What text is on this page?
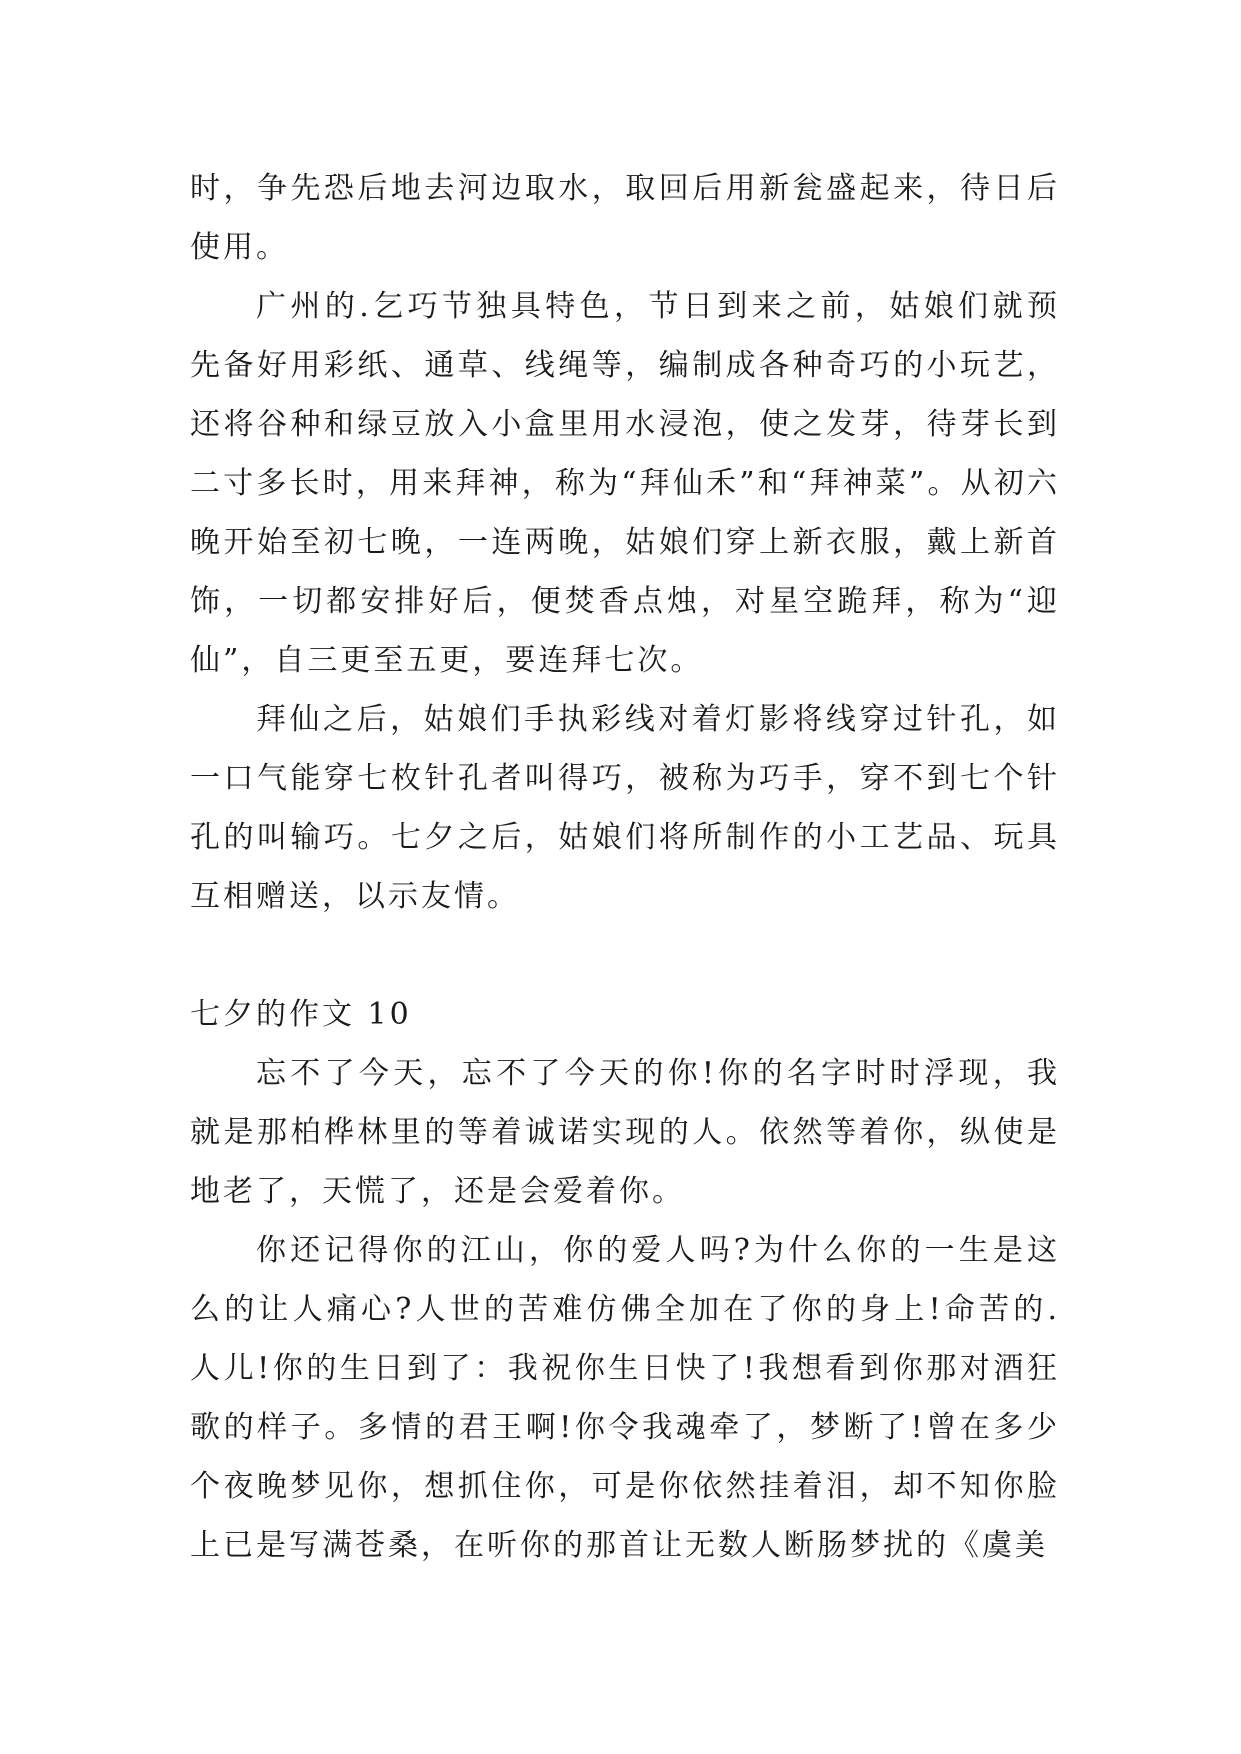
时，争先恐后地去河边取水，取回后用新瓮盛起来，待日后使用。

广州的.乞巧节独具特色，节日到来之前，姑娘们就预先备好用彩纸、通草、线绳等，编制成各种奇巧的小玩艺，还将谷种和绿豆放入小盒里用水浸泡，使之发芽，待芽长到二寸多长时，用来拜神，称为“拜仙禾”和“拜神菜”。从初六晚开始至初七晚，一连两晚，姑娘们穿上新衣服，戴上新首饰，一切都安排好后，便焚香点烛，对星空跪拜，称为“迎仙”，自三更至五更，要连拜七次。

拜仙之后，姑娘们手执彩线对着灯影将线穿过针孔，如一口气能穿七枚针孔者叫得巧，被称为巧手，穿不到七个针孔的叫输巧。七夕之后，姑娘们将所制作的小工艺品、玩具互相赠送，以示友情。

七夕的作文 10

忘不了今天，忘不了今天的你!你的名字时时浮现，我就是那柏桦林里的等着诚诺实现的人。依然等着你，纵使是地老了，天慌了，还是会爱着你。

你还记得你的江山，你的爱人吗?为什么你的一生是这么的让人痛心?人世的苦难仿佛全加在了你的身上!命苦的.人儿!你的生日到了：我祝你生日快了!我想看到你那对酒狂歌的样子。多情的君王啊!你令我魂牵了，梦断了!曾在多少个夜晚梦见你，想抓住你，可是你依然挂着泪，却不知你脸上已是写满苍桑，在听你的那首让无数人断肠梦扰的《虞美
